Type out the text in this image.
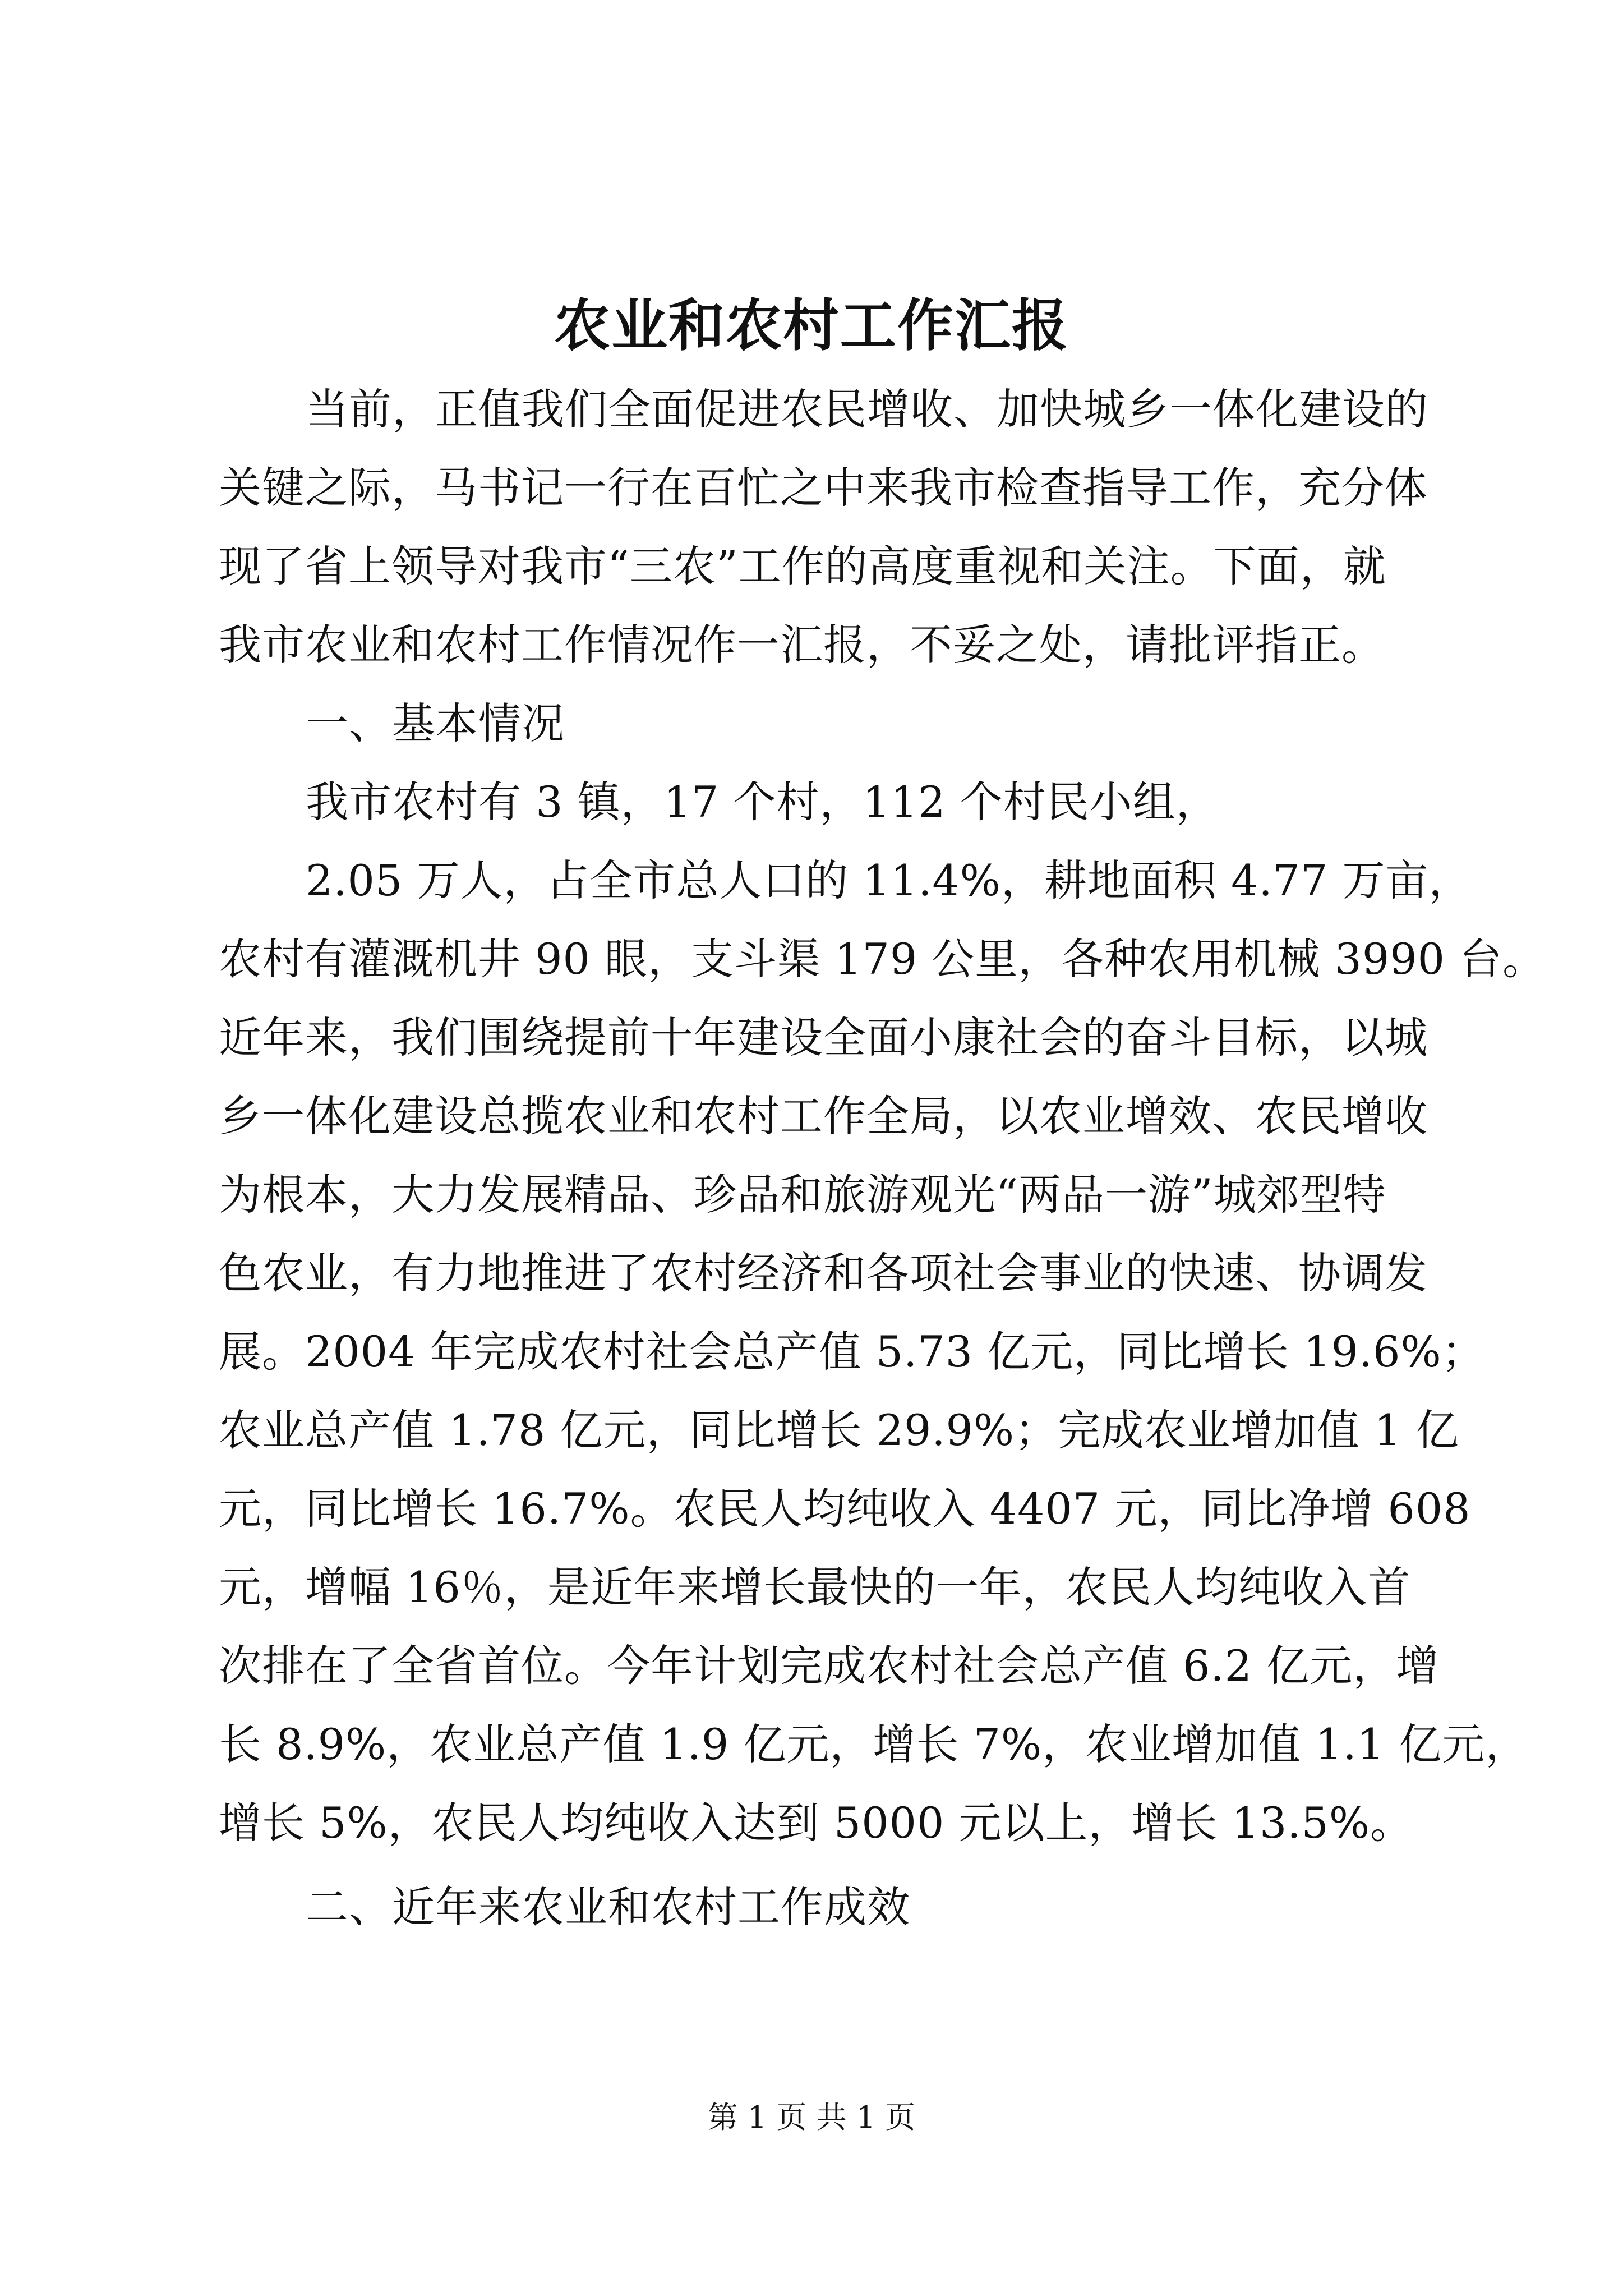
农业和农村工作汇报
当前，正值我们全面促进农民增收、加快城乡一体化建设的
关键之际，马书记一行在百忙之中来我市检查指导工作，充分体
现了省上领导对我市“三农”工作的高度重视和关注。下面，就
我市农业和农村工作情况作一汇报，不妥之处，请批评指正。
一、基本情况
我市农村有 3 镇，17 个村，112 个村民小组，
2.05 万人，占全市总人口的 11.4%，耕地面积 4.77 万亩，
农村有灌溉机井 90 眼，支斗渠 179 公里，各种农用机械 3990 台。
近年来，我们围绕提前十年建设全面小康社会的奋斗目标，以城
乡一体化建设总揽农业和农村工作全局，以农业增效、农民增收
为根本，大力发展精品、珍品和旅游观光“两品一游”城郊型特
色农业，有力地推进了农村经济和各项社会事业的快速、协调发
展。2004 年完成农村社会总产值 5.73 亿元，同比增长 19.6%；
农业总产值 1.78 亿元，同比增长 29.9%；完成农业增加值 1 亿
元，同比增长 16.7%。农民人均纯收入 4407 元，同比净增 608
元，增幅 16％，是近年来增长最快的一年，农民人均纯收入首
次排在了全省首位。今年计划完成农村社会总产值 6.2 亿元，增
长 8.9%，农业总产值 1.9 亿元，增长 7%，农业增加值 1.1 亿元，
增长 5%，农民人均纯收入达到 5000 元以上，增长 13.5%。
二、近年来农业和农村工作成效
第 1 页 共 1 页
